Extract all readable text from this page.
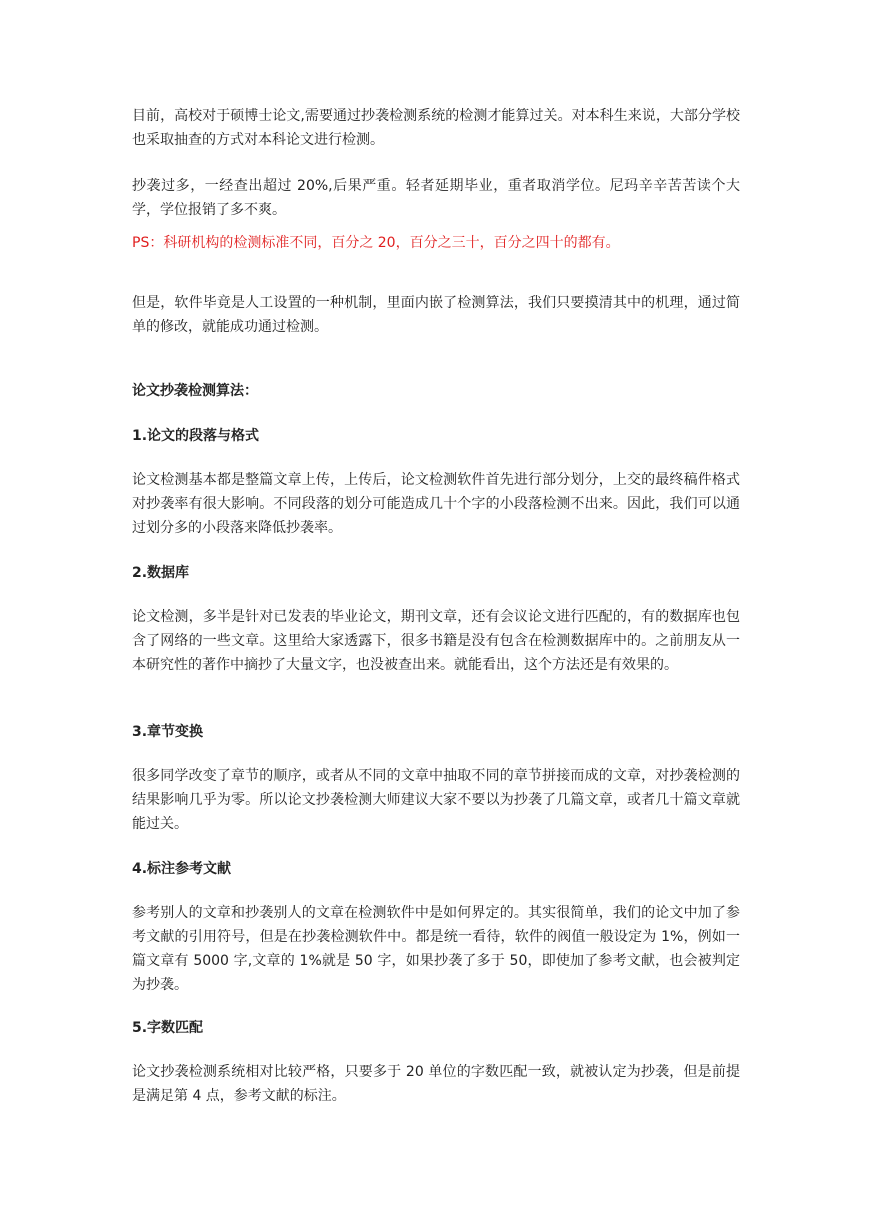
目前，高校对于硕博士论文,需要通过抄袭检测系统的检测才能算过关。对本科生来说，大部分学校也采取抽查的方式对本科论文进行检测。

抄袭过多，一经查出超过 20%,后果严重。轻者延期毕业，重者取消学位。尼玛辛辛苦苦读个大学，学位报销了多不爽。

PS：科研机构的检测标准不同，百分之 20，百分之三十，百分之四十的都有。

但是，软件毕竟是人工设置的一种机制，里面内嵌了检测算法，我们只要摸清其中的机理，通过简单的修改，就能成功通过检测。

论文抄袭检测算法：

1.论文的段落与格式

论文检测基本都是整篇文章上传，上传后，论文检测软件首先进行部分划分，上交的最终稿件格式对抄袭率有很大影响。不同段落的划分可能造成几十个字的小段落检测不出来。因此，我们可以通过划分多的小段落来降低抄袭率。

2.数据库

论文检测，多半是针对已发表的毕业论文，期刊文章，还有会议论文进行匹配的，有的数据库也包含了网络的一些文章。这里给大家透露下，很多书籍是没有包含在检测数据库中的。之前朋友从一本研究性的著作中摘抄了大量文字，也没被查出来。就能看出，这个方法还是有效果的。

3.章节变换

很多同学改变了章节的顺序，或者从不同的文章中抽取不同的章节拼接而成的文章，对抄袭检测的结果影响几乎为零。所以论文抄袭检测大师建议大家不要以为抄袭了几篇文章，或者几十篇文章就能过关。

4.标注参考文献

参考别人的文章和抄袭别人的文章在检测软件中是如何界定的。其实很简单，我们的论文中加了参考文献的引用符号，但是在抄袭检测软件中。都是统一看待，软件的阀值一般设定为 1%，例如一篇文章有 5000 字,文章的 1%就是 50 字，如果抄袭了多于 50，即使加了参考文献，也会被判定为抄袭。

5.字数匹配

论文抄袭检测系统相对比较严格，只要多于 20 单位的字数匹配一致，就被认定为抄袭，但是前提是满足第 4 点，参考文献的标注。
